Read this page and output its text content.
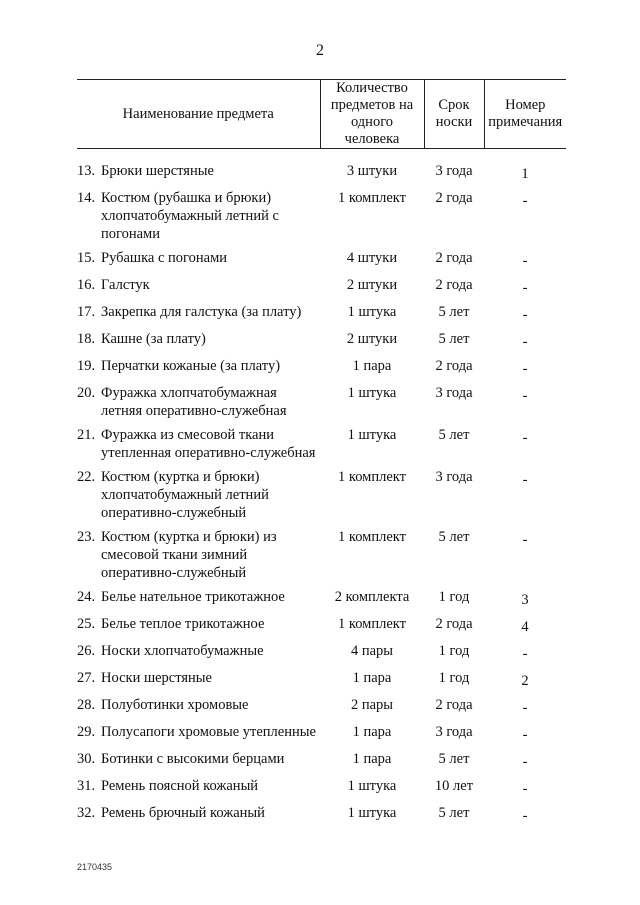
2
Наименование предмета	Количество предметов на одного человека	Срок носки	Номер примечания

13. Брюки шерстяные	3 штуки	3 года	1

14. Костюм (рубашка и брюки) хлопчатобумажный летний с погонами	1 комплект	2 года	-

15. Рубашка с погонами	4 штуки	2 года	-

16. Галстук	2 штуки	2 года	-

17. Закрепка для галстука (за плату)	1 штука	5 лет	-

18. Кашне (за плату)	2 штуки	5 лет	-

19. Перчатки кожаные (за плату)	1 пара	2 года	-

20. Фуражка хлопчатобумажная летняя оперативно-служебная	1 штука	3 года	-

21. Фуражка из смесовой ткани утепленная оперативно-служебная	1 штука	5 лет	-

22. Костюм (куртка и брюки) хлопчатобумажный летний оперативно-служебный	1 комплект	3 года	-

23. Костюм (куртка и брюки) из смесовой ткани зимний оперативно-служебный	1 комплект	5 лет	-

24. Белье нательное трикотажное	2 комплекта	1 год	3

25. Белье теплое трикотажное	1 комплект	2 года	4

26. Носки хлопчатобумажные	4 пары	1 год	-

27. Носки шерстяные	1 пара	1 год	2

28. Полуботинки хромовые	2 пары	2 года	-

29. Полусапоги хромовые утепленные	1 пара	3 года	-

30. Ботинки с высокими берцами	1 пара	5 лет	-

31. Ремень поясной кожаный	1 штука	10 лет	-

32. Ремень брючный кожаный	1 штука	5 лет	-
2170435
